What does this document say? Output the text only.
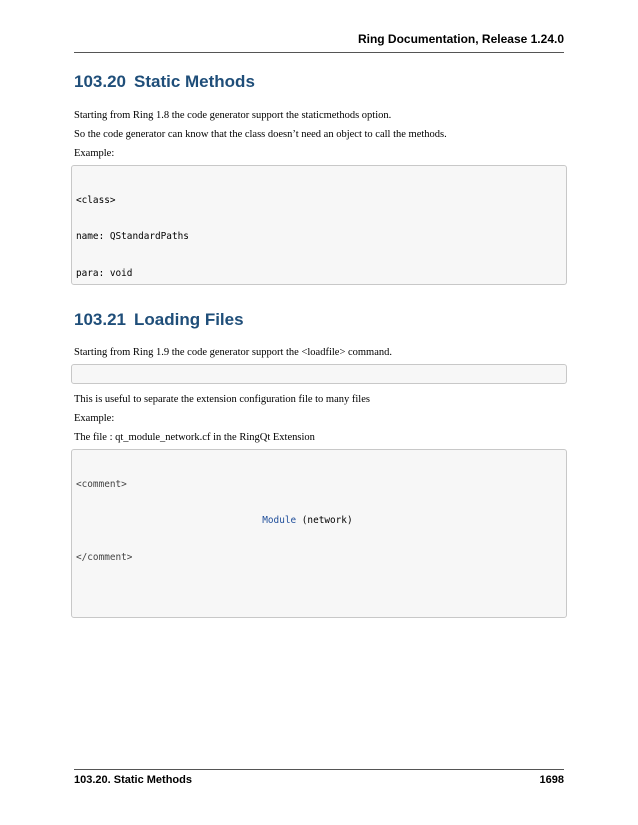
Ring Documentation, Release 1.24.0
103.20 Static Methods

Starting from Ring 1.8 the code generator support the staticmethods option.

So the code generator can know that the class doesn’t need an object to call the methods.

Example:

<class>

name: QStandardPaths

para: void

103.21 Loading Files

Starting from Ring 1.9 the code generator support the <loadfile> command.

This is useful to separate the extension configuration file to many files

Example:

The file : qt_module_network.cf in the RingQt Extension

<comment>

Module (network)

</comment>

103.20. Static Methods	1698
